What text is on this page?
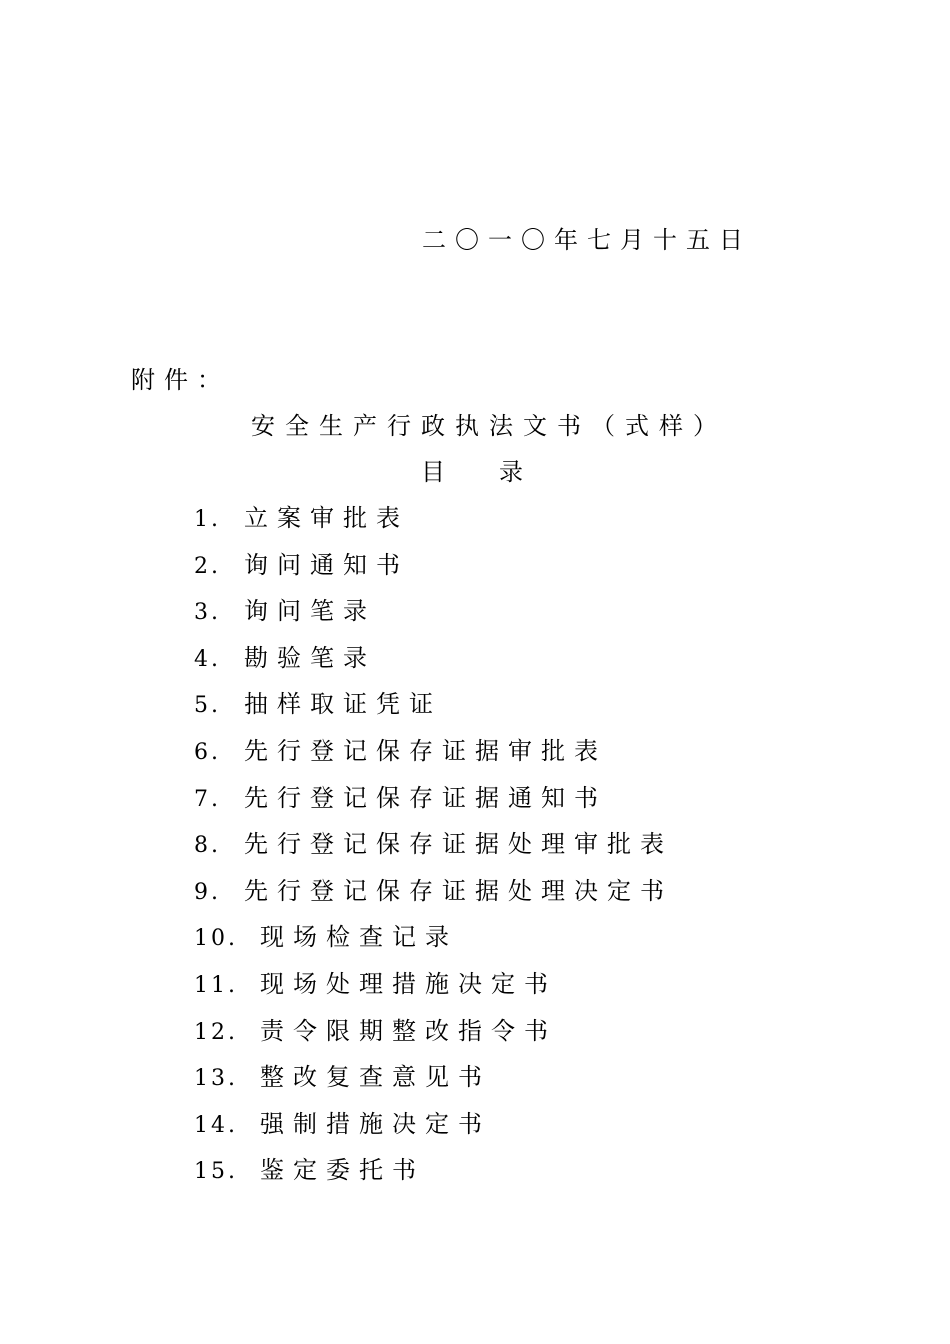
二〇一〇年七月十五日
附件：
安全生产行政执法文书（式样）
目 录
1. 立案审批表
2. 询问通知书
3. 询问笔录
4. 勘验笔录
5. 抽样取证凭证
6. 先行登记保存证据审批表
7. 先行登记保存证据通知书
8. 先行登记保存证据处理审批表
9. 先行登记保存证据处理决定书
10. 现场检查记录
11. 现场处理措施决定书
12. 责令限期整改指令书
13. 整改复查意见书
14. 强制措施决定书
15. 鉴定委托书
